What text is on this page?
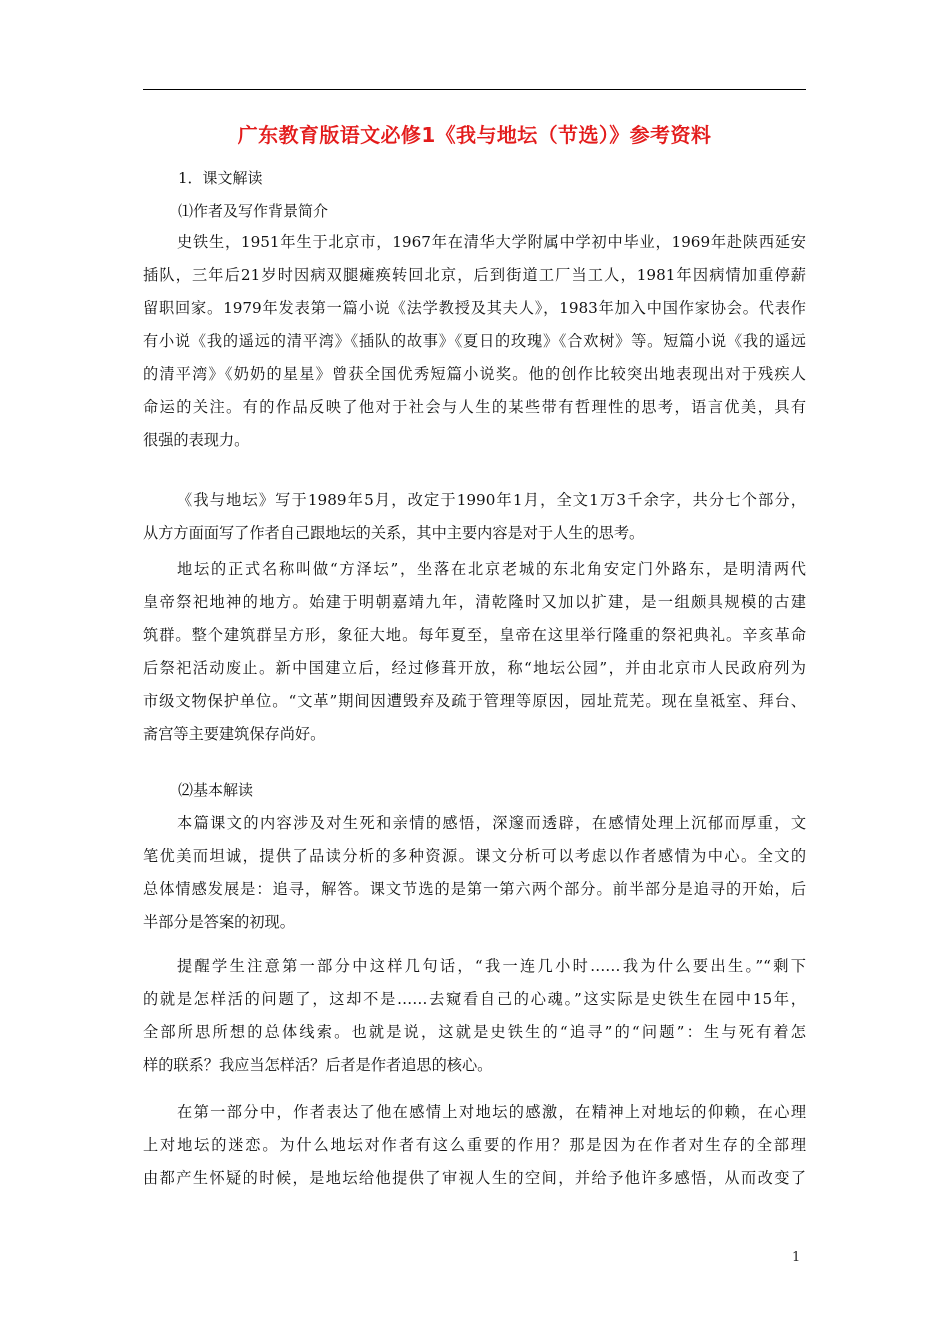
广东教育版语文必修1《我与地坛（节选）》参考资料
1．课文解读
⑴作者及写作背景简介

史铁生，1951年生于北京市，1967年在清华大学附属中学初中毕业，1969年赴陕西延安

插队，三年后21岁时因病双腿瘫痪转回北京，后到街道工厂当工人，1981年因病情加重停薪

留职回家。1979年发表第一篇小说《法学教授及其夫人》，1983年加入中国作家协会。代表作

有小说《我的遥远的清平湾》《插队的故事》《夏日的玫瑰》《合欢树》等。短篇小说《我的遥远

的清平湾》《奶奶的星星》曾获全国优秀短篇小说奖。他的创作比较突出地表现出对于残疾人

命运的关注。有的作品反映了他对于社会与人生的某些带有哲理性的思考，语言优美，具有

很强的表现力。

《我与地坛》写于1989年5月，改定于1990年1月，全文1万3千余字，共分七个部分，

从方方面面写了作者自己跟地坛的关系，其中主要内容是对于人生的思考。

地坛的正式名称叫做“方泽坛”，坐落在北京老城的东北角安定门外路东，是明清两代

皇帝祭祀地神的地方。始建于明朝嘉靖九年，清乾隆时又加以扩建，是一组颇具规模的古建

筑群。整个建筑群呈方形，象征大地。每年夏至，皇帝在这里举行隆重的祭祀典礼。辛亥革命

后祭祀活动废止。新中国建立后，经过修葺开放，称“地坛公园”，并由北京市人民政府列为

市级文物保护单位。“文革”期间因遭毁弃及疏于管理等原因，园址荒芜。现在皇祗室、拜台、

斋宫等主要建筑保存尚好。

⑵基本解读

本篇课文的内容涉及对生死和亲情的感悟，深邃而透辟，在感情处理上沉郁而厚重，文

笔优美而坦诚，提供了品读分析的多种资源。课文分析可以考虑以作者感情为中心。全文的

总体情感发展是：追寻，解答。课文节选的是第一第六两个部分。前半部分是追寻的开始，后

半部分是答案的初现。

提醒学生注意第一部分中这样几句话，“我一连几小时……我为什么要出生。”“剩下

的就是怎样活的问题了，这却不是……去窥看自己的心魂。”这实际是史铁生在园中15年，

全部所思所想的总体线索。也就是说，这就是史铁生的“追寻”的“问题”：生与死有着怎

样的联系？我应当怎样活？后者是作者追思的核心。

在第一部分中，作者表达了他在感情上对地坛的感激，在精神上对地坛的仰赖，在心理

上对地坛的迷恋。为什么地坛对作者有这么重要的作用？那是因为在作者对生存的全部理

由都产生怀疑的时候，是地坛给他提供了审视人生的空间，并给予他许多感悟，从而改变了

1
